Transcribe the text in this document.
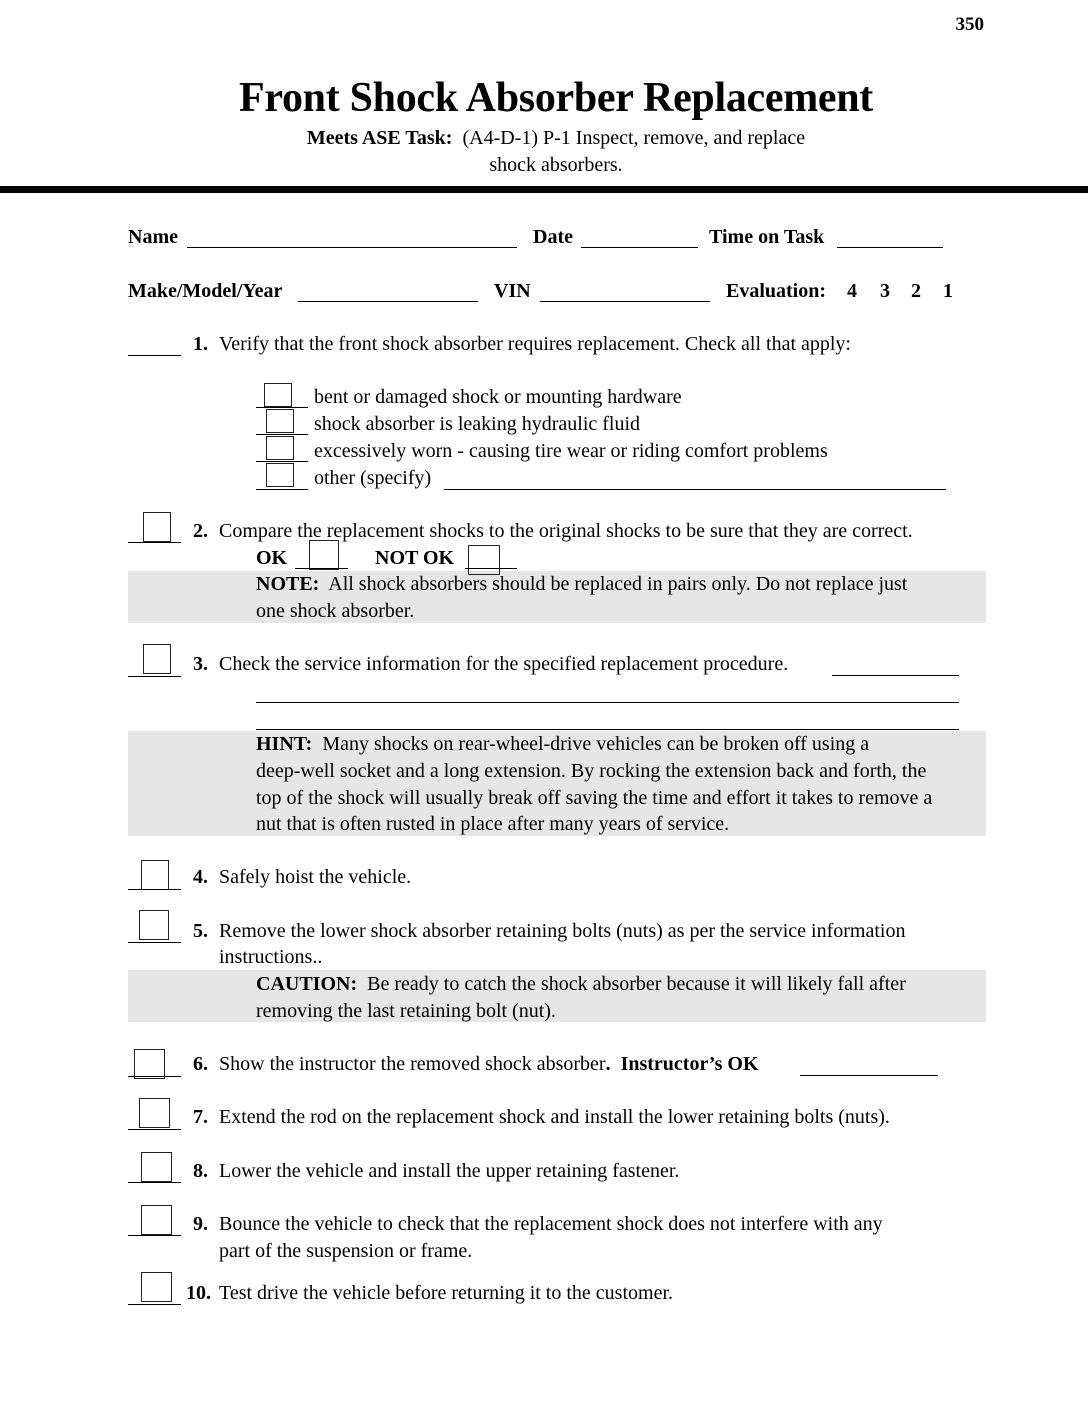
350
Front Shock Absorber Replacement
Meets ASE Task: (A4-D-1) P-1 Inspect, remove, and replace
shock absorbers.
Name	Date	Time on Task
Make/Model/Year	VIN	Evaluation: 4 3 2 1
1. Verify that the front shock absorber requires replacement. Check all that apply:
bent or damaged shock or mounting hardware
shock absorber is leaking hydraulic fluid
excessively worn - causing tire wear or riding comfort problems
other (specify)
2. Compare the replacement shocks to the original shocks to be sure that they are correct.
OK	NOT OK
NOTE: All shock absorbers should be replaced in pairs only. Do not replace just
one shock absorber.
3. Check the service information for the specified replacement procedure.
HINT: Many shocks on rear-wheel-drive vehicles can be broken off using a
deep-well socket and a long extension. By rocking the extension back and forth, the
top of the shock will usually break off saving the time and effort it takes to remove a
nut that is often rusted in place after many years of service.
4. Safely hoist the vehicle.
5. Remove the lower shock absorber retaining bolts (nuts) as per the service information
instructions..
CAUTION: Be ready to catch the shock absorber because it will likely fall after
removing the last retaining bolt (nut).
6. Show the instructor the removed shock absorber. Instructor’s OK
7. Extend the rod on the replacement shock and install the lower retaining bolts (nuts).
8. Lower the vehicle and install the upper retaining fastener.
9. Bounce the vehicle to check that the replacement shock does not interfere with any
part of the suspension or frame.
10. Test drive the vehicle before returning it to the customer.
